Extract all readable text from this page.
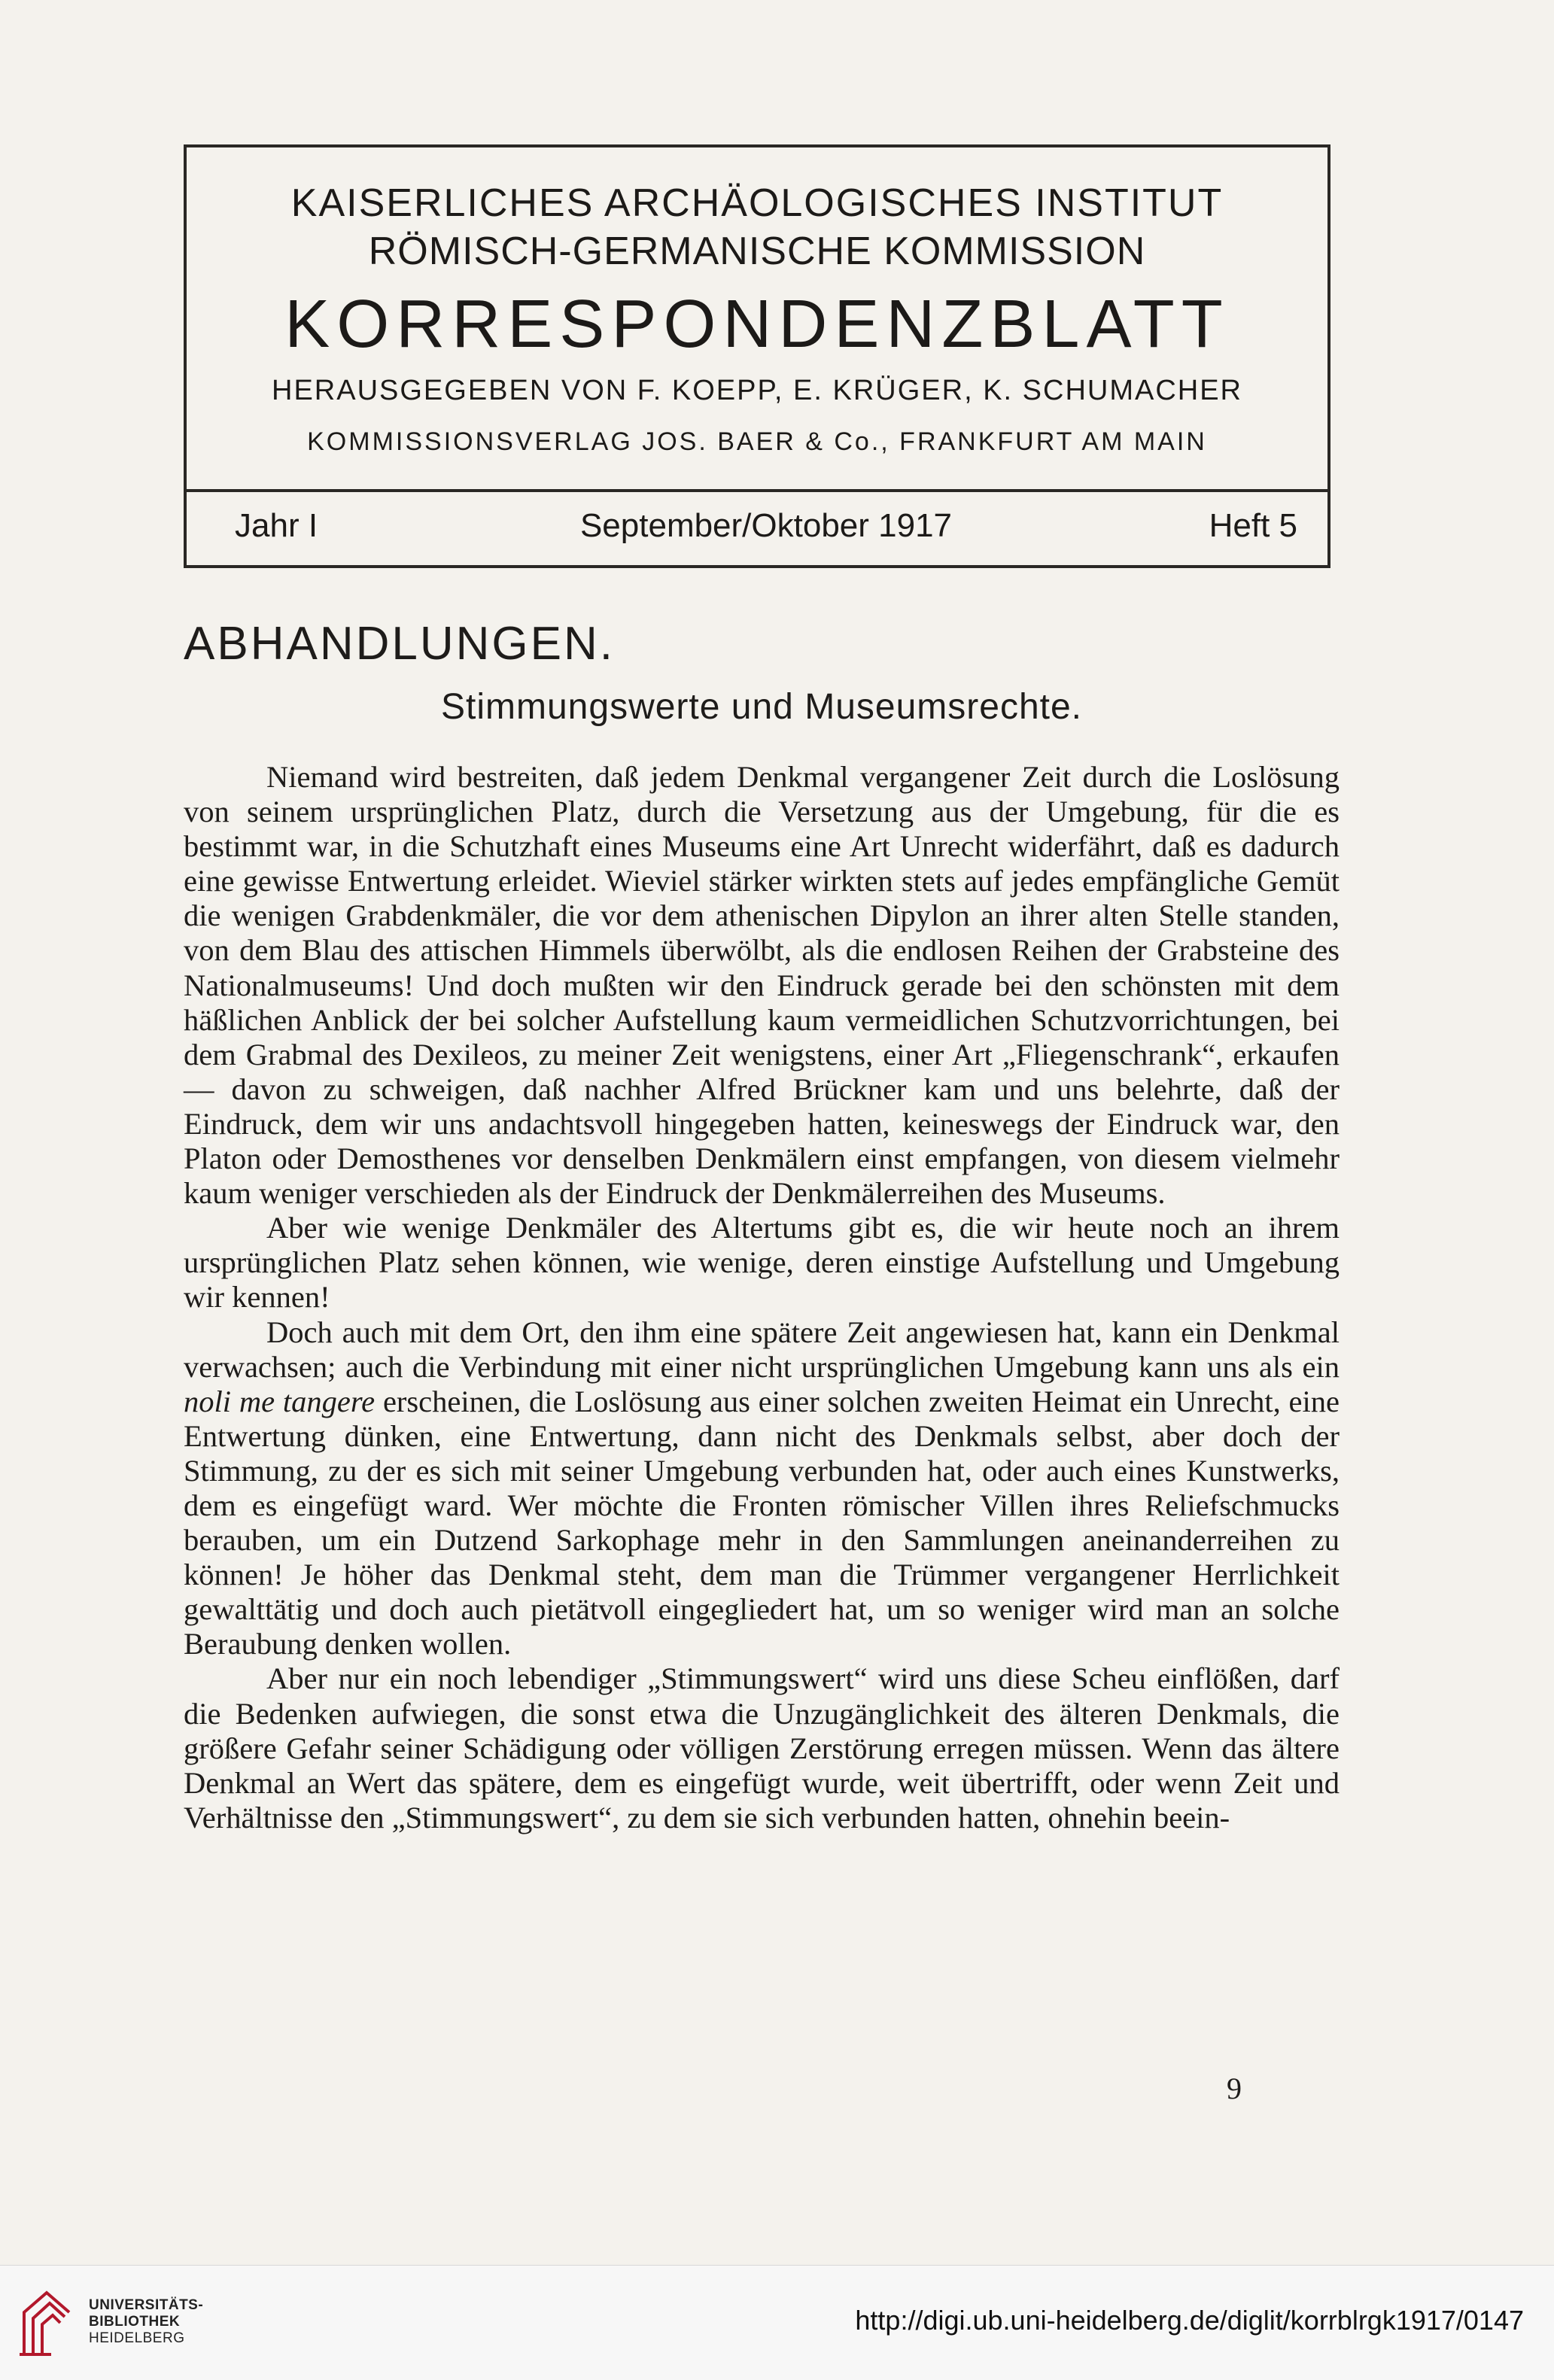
KAISERLICHES ARCHÄOLOGISCHES INSTITUT
RÖMISCH-GERMANISCHE KOMMISSION
KORRESPONDENZBLATT
HERAUSGEGEBEN VON F. KOEPP, E. KRÜGER, K. SCHUMACHER
KOMMISSIONSVERLAG JOS. BAER & Co., FRANKFURT AM MAIN
Jahr I	September/Oktober 1917	Heft 5
ABHANDLUNGEN.
Stimmungswerte und Museumsrechte.

Niemand wird bestreiten, daß jedem Denkmal vergangener Zeit durch die Loslösung von seinem ursprünglichen Platz, durch die Versetzung aus der Umgebung, für die es bestimmt war, in die Schutzhaft eines Museums eine Art Unrecht widerfährt, daß es dadurch eine gewisse Entwertung erleidet. Wieviel stärker wirkten stets auf jedes empfängliche Gemüt die wenigen Grabdenkmäler, die vor dem athenischen Dipylon an ihrer alten Stelle standen, von dem Blau des attischen Himmels überwölbt, als die endlosen Reihen der Grabsteine des Nationalmuseums! Und doch mußten wir den Eindruck gerade bei den schönsten mit dem häßlichen Anblick der bei solcher Aufstellung kaum vermeidlichen Schutzvorrichtungen, bei dem Grabmal des Dexileos, zu meiner Zeit wenigstens, einer Art „Fliegenschrank“, erkaufen — davon zu schweigen, daß nachher Alfred Brückner kam und uns belehrte, daß der Eindruck, dem wir uns andachtsvoll hingegeben hatten, keineswegs der Eindruck war, den Platon oder Demosthenes vor denselben Denkmälern einst empfangen, von diesem vielmehr kaum weniger verschieden als der Eindruck der Denkmälerreihen des Museums.

Aber wie wenige Denkmäler des Altertums gibt es, die wir heute noch an ihrem ursprünglichen Platz sehen können, wie wenige, deren einstige Aufstellung und Umgebung wir kennen!

Doch auch mit dem Ort, den ihm eine spätere Zeit angewiesen hat, kann ein Denkmal verwachsen; auch die Verbindung mit einer nicht ursprünglichen Umgebung kann uns als ein noli me tangere erscheinen, die Loslösung aus einer solchen zweiten Heimat ein Unrecht, eine Entwertung dünken, eine Entwertung, dann nicht des Denkmals selbst, aber doch der Stimmung, zu der es sich mit seiner Umgebung verbunden hat, oder auch eines Kunstwerks, dem es eingefügt ward. Wer möchte die Fronten römischer Villen ihres Reliefschmucks berauben, um ein Dutzend Sarkophage mehr in den Sammlungen aneinanderreihen zu können! Je höher das Denkmal steht, dem man die Trümmer vergangener Herrlichkeit gewalttätig und doch auch pietätvoll eingegliedert hat, um so weniger wird man an solche Beraubung denken wollen.

Aber nur ein noch lebendiger „Stimmungswert“ wird uns diese Scheu einflößen, darf die Bedenken aufwiegen, die sonst etwa die Unzugänglichkeit des älteren Denkmals, die größere Gefahr seiner Schädigung oder völligen Zerstörung erregen müssen. Wenn das ältere Denkmal an Wert das spätere, dem es eingefügt wurde, weit übertrifft, oder wenn Zeit und Verhältnisse den „Stimmungswert“, zu dem sie sich verbunden hatten, ohnehin beein-

9
UNIVERSITÄTS-
BIBLIOTHEK
HEIDELBERG
http://digi.ub.uni-heidelberg.de/diglit/korrblrgk1917/0147
